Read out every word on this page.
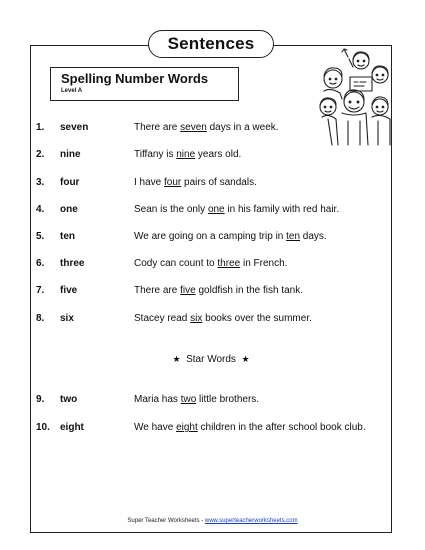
Sentences
Spelling Number Words
Level A
1. seven	There are seven days in a week.
2. nine	Tiffany is nine years old.
3. four	I have four pairs of sandals.
4. one	Sean is the only one in his family with red hair.
5. ten	We are going on a camping trip in ten days.
6. three	Cody can count to three in French.
7. five	There are five goldfish in the fish tank.
8. six	Stacey read six books over the summer.
★ Star Words ★
9. two	Maria has two little brothers.
10. eight	We have eight children in the after school book club.
Super Teacher Worksheets - www.superteacherworksheets.com
